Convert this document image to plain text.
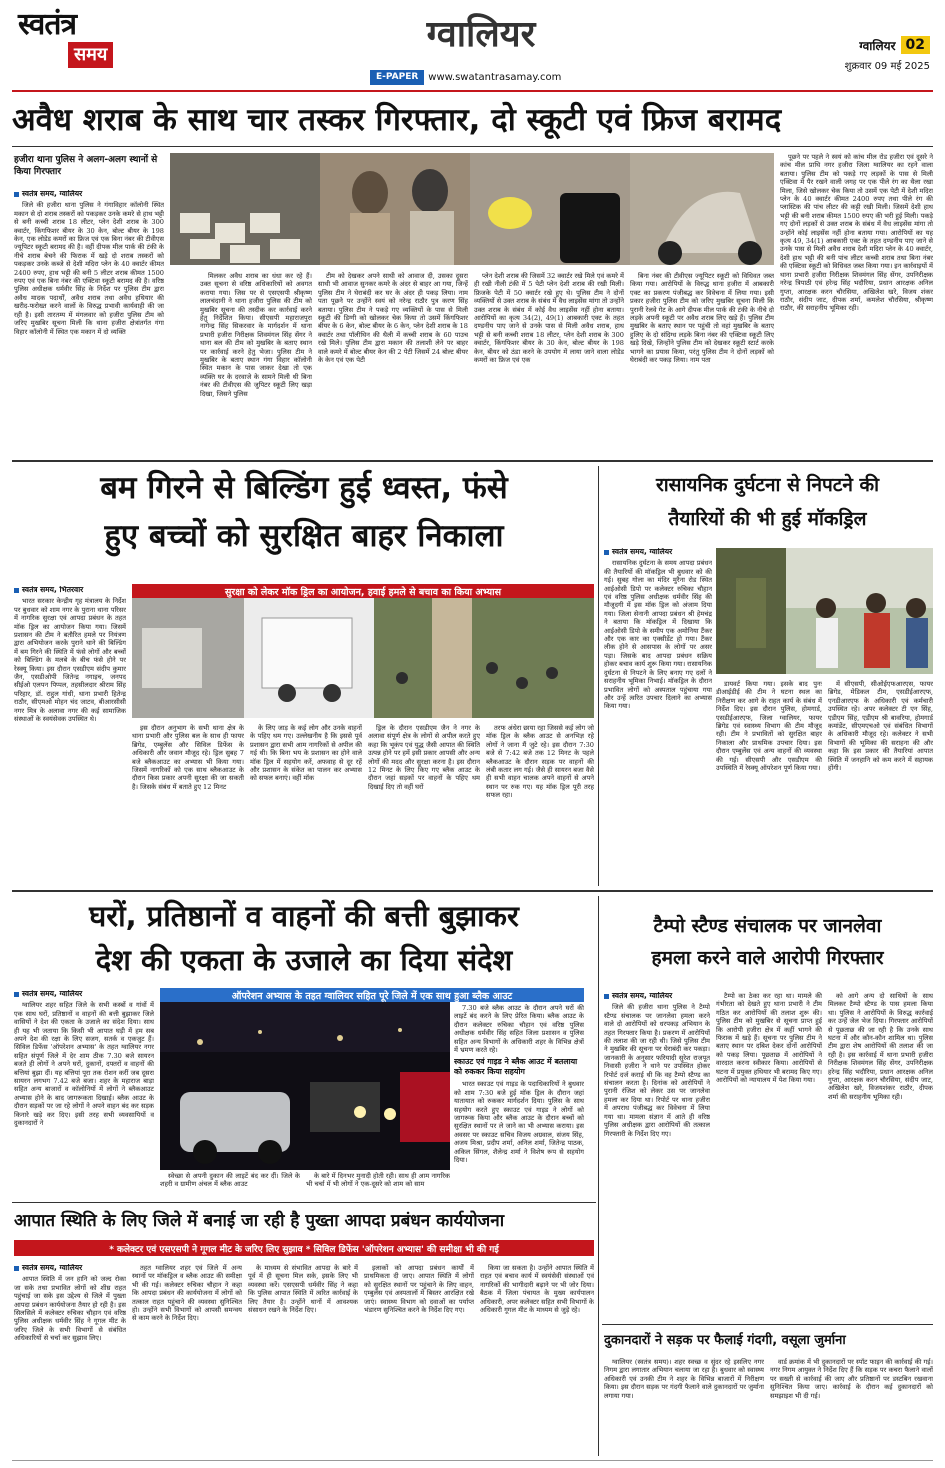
स्वतंत्र
समय	ग्वालियर
E-PAPER	www.swatantrasamay.com
ग्वालियर 02
शुक्रवार 09 मई 2025
अवैध शराब के साथ चार तस्कर गिरफ्तार, दो स्कूटी एवं फ्रिज बरामद
हजीरा थाना पुलिस ने अलग-अलग स्थानों से किया गिरफ्तार
स्वतंत्र समय, ग्वालियर

जिले की हजीरा थाना पुलिस ने गंगाविहार कॉलोनी स्थित मकान से दो शराब तस्करों को पकड़कर उनके कमरे से हाथ भट्टी से बनी कच्ची शराब 18 लीटर, प्लेन देशी शराब के 300 क्वार्टर, किंगफिशर बीयर के 30 केन, बोल्ट बीयर के 198 केन, एक लोडेड कमरों का फ्रिज एवं एक बिना नंबर की टीवीएस ज्यूपिटर स्कूटी बरामद की है। वहीं दीपक मील पार्क की टंकी के नीचे शराब बेचने की फिराक में खड़े दो शराब तस्करों को पकड़कर उनके कब्जे से देशी मदिरा प्लेन के 40 क्वार्टर कीमत 2400 रुपए, हाथ भट्टी की बनी 5 लीटर शराब कीमत 1500 रुपए एवं एक बिना नंबर की एक्टिवा स्कूटी बरामद की है। वरिष्ठ पुलिस अधीक्षक धर्मवीर सिंह के निर्देश पर पुलिस टीम द्वारा अवैध मादक पदार्थों, अवैध शराब तथा अवैध हथियार की खरीद-फरोख्त करने वालों के विरुद्ध प्रभावी कार्यवाही की जा रही है। इसी तारतम्य में मंगलवार को हजीरा पुलिस टीम को जरिए मुखबिर सूचना मिली कि थाना हजीरा क्षेत्रांतर्गत गंगा विहार कॉलोनी में स्थित एक मकान में दो व्यक्ति

मिलकर अवैध शराब का धंधा कर रहे हैं। उक्त सूचना से वरिष्ठ अधिकारियों को अवगत कराया गया। जिस पर से एसएसपी श्रीकृष्ण लालचंदानी ने थाना हजीरा पुलिस की टीम को मुखबिर सूचना की तस्दीक कर कार्रवाई करने हेतु निर्देशित किया। सीएसपी महाराजपुरा नागेन्द्र सिंह सिकरवार के मार्गदर्शन में थाना प्रभारी हजीरा निरीक्षक शिवमंगल सिंह सेंगर ने थाना बल की टीम को मुखबिर के बताए स्थान पर कार्रवाई करने हेतु भेजा। पुलिस टीम ने मुखबिर के बताए स्थान गंगा विहार कॉलोनी स्थित मकान के पास जाकर देखा तो एक व्यक्ति घर के दरवाजे के सामने मिली थी बिना नंबर की टीवीएस की जुपिटर स्कूटी लिए खड़ा दिखा, जिसने पुलिस

टीम को देखकर अपने साथी को आवाज दी, उसका दूसरा साथी भी आवाज सुनकर कमरे के अंदर से बाहर आ गया, जिन्हें पुलिस टीम ने घेराबंदी कर घर के अंदर ही पकड़ लिया। नाम पता पूछने पर उन्होंने स्वयं को नरेन्द्र राठौर पुत्र करण सिंह बताया। पुलिस टीम ने पकड़े गए व्यक्तियों के पास से मिली स्कूटी की डिग्गी को खोलकर चेक किया तो उसमें किंगफिशर बीयर के 6 केन, बोल्ट बीयर के 6 केन, प्लेन देशी शराब के 18 क्वार्टर तथा पॉलीथिन की थैली में कच्ची शराब के 60 पाउच रखे मिले। पुलिस टीम द्वारा मकान की तलाशी लेने पर बाहर वाले कमरे में बोल्ट बीयर केन की 2 पेटी जिसमें 24 बोल्ट बीयर के केन एवं एक पेटी

प्लेन देशी शराब की जिसमें 32 क्वार्टर रखे मिले एवं कमरे में ही रखी नीली टंकी में 5 पेटी प्लेन देशी शराब की रखी मिली। फ्रिजके पेटी में 50 क्वार्टर रखे हुए थे। पुलिस टीम ने दोनों व्यक्तियों से उक्त शराब के संबंध में वैध लाइसेंस मांगा तो उन्होंने उक्त शराब के संबंध में कोई वैध लाइसेंस नहीं होना बताया। आरोपियों का कृत्य 34(2), 49(1) आबकारी एक्ट के तहत दण्डनीय पाए जाने से उनके पास से मिली अवैध शराब, हाथ भट्टी से बनी कच्ची शराब 18 लीटर, प्लेन देशी शराब के 300 क्वार्टर, किंगफिशर बीयर के 30 केन, बोल्ट बीयर के 198 केन, बीयर को ठंडा करने के उपयोग में लाया जाने वाला लोडेड कमरों का फ्रिज एवं एक

बिना नंबर की टीवीएस ज्यूपिटर स्कूटी को विधिवत जब्त किया गया। आरोपियों के विरुद्ध थाना हजीरा में आबकारी एक्ट का प्रकरण पंजीबद्ध कर विवेचना में लिया गया। इसी प्रकार हजीरा पुलिस टीम को जरिए मुखबिर सूचना मिली कि पुरानी रेलवे गेट के आगे दीपक मील पार्क की टंकी के नीचे दो लड़के अपनी स्कूटी पर अवैध शराब लिए खड़े हैं। पुलिस टीम मुखबिर के बताए स्थान पर पहुंची तो वहां मुखबिर के बताए हुलिए के दो संदिग्ध लड़के बिना नंबर की एक्टिवा स्कूटी लिए खड़े दिखे, जिन्होंने पुलिस टीम को देखकर स्कूटी स्टार्ट करके भागने का प्रयास किया, परंतु पुलिस टीम ने दोनों लड़कों को घेराबंदी कर पकड़ लिया। नाम पता

पूछने पर पहले ने स्वयं को कांच मील रोड हजीरा एवं दूसरे ने कांच मील प्राथि नगर हजीरा जिला ग्वालियर का रहने वाला बताया। पुलिस टीम को पकड़े गए लड़कों के पास से मिली एक्टिवा में पैर रखने वाली जगह पर एक पीले रंग का थैला रखा मिला, जिसे खोलकर चेक किया तो उसमें एक पेटी में देशी मदिरा प्लेन के 40 क्वार्टर कीमत 2400 रुपए तथा पीले रंग की प्लास्टिक की पांच लीटर की कट्टी रखी मिली। जिसमें देशी हाथ भट्टी की बनी शराब कीमत 1500 रुपए की भरी हुई मिली। पकड़े गए दोनों लड़कों से उक्त शराब के संबंध में वैध लाइसेंस मांगा तो उन्होंने कोई लाइसेंस नहीं होना बताया गया। आरोपियों का यह कृत्य 49, 34(1) आबकारी एक्ट के तहत दण्डनीय पाए जाने से उनके पास से मिली अवैध शराब देशी मदिरा प्लेन के 40 क्वार्टर, देशी हाथ भट्टी की बनी पांच लीटर कच्ची शराब तथा बिना नंबर की एक्टिवा स्कूटी को विधिवत जब्त किया गया। इन कार्रवाइयों में थाना प्रभारी हजीरा निरीक्षक शिवमंगल सिंह सेंगर, उपनिरीक्षक नरेन्द्र त्रिपाठी एवं हरेन्द्र सिंह भदौरिया, प्रधान आरक्षक अनिल गुप्ता, आरक्षक करन चौरसिया, अखिलेश खरे, विजय शंकर राठौर, संदीप जाट, दीपक शर्मा, कमलेश चौरसिया, श्रीकृष्ण राठौर, की सराहनीय भूमिका रही।

बम गिरने से बिल्डिंग हुई ध्वस्त, फंसे
हुए बच्चों को सुरक्षित बाहर निकाला
स्वतंत्र समय, भितरवार

भारत सरकार केन्द्रीय गृह मंत्रालय के निर्देश पर बुधवार को शाम नगर के पुराना थाना परिसर में नागरिक सुरक्षा एवं आपदा प्रबंधन के तहत मॉक ड्रिल का आयोजन किया गया। जिसमें प्रशासन की टीम ने बतौरित हमले पर नियंत्रण द्वारा अभियोजन करके पुराने थाने की बिल्डिंग में बम गिरने की स्थिति में फंसे लोगों और बच्चों को बिल्डिंग के मलबे के बीच फंसे होने पर रेस्क्यू किया। इस दौरान एसडीएम संदीप कुमार जैन, एसडीओपी जितेन्द्र नगाइच, जनपद सीईओ एलपन पिप्पल, तहसीलदार श्रीराम सिंह परिहार, डॉ. राहुल गांधी, थाना प्रभारी हितेन्द्र राठौर, सीएमओ मोहन चंद जाटव, बीआरसीसी नगर मित्र के अलावा नगर की कई सामाजिक संस्थाओं के स्वयंसेवक उपस्थित थे।

सुरक्षा को लेकर मॉक ड्रिल का आयोजन, हवाई हमले से बचाव का किया अभ्यास

इस दौरान अनुभाग के सभी थाना क्षेत्र के थाना प्रभारी और पुलिस बल के साथ ही फायर ब्रिगेड, एम्बुलेंस और सिविल डिफेंस के अधिकारी और जवान मौजूद रहे। ड्रिल सुबह 7 बजे ब्लैकआउट का अभ्यास भी किया गया। जिसमें नागरिकों को एक साथ ब्लैकआउट के दौरान किस प्रकार अपनी सुरक्षा की जा सकती है। जिसके संबंध में बताते हुए 12 मिनट

के लिए जाड़ के कई लोग और उनके वाहनों के पहिए थम गए। उल्लेखनीय है कि इससे पूर्व प्रशासन द्वारा सभी आम नागरिकों से अपील की गई थी। कि बिना भय के प्रशासन का होने वाले मॉक ड्रिल में सहयोग करें, अफवाह से दूर रहें और प्रशासन के संकेत का पालन कर अभ्यास को सफल बनाएं। वहीं मॉक

ड्रिल के दौरान एसडीएम जैन ने नगर के अलावा संपूर्ण क्षेत्र के लोगों से अपील करते हुए कहा कि भूकंप एवं युद्ध जैसी आपात की स्थिति उत्पन्न होने पर हमें इसी प्रकार आपसी और अन्य लोगों की मदद और सुरक्षा करना है। इस दौरान 12 मिनट के लिए किए गए ब्लैक आउट के दौरान जहां सड़कों पर वाहनों के पहिए थम दिखाई दिए तो वहीं घरों

तरफ अंधेरा छाया रहा जिससे कई लोग जो मॉक ड्रिल के ब्लैक आउट से अनभिज्ञ रहे लोगों ने जाना मैं जुटे रहे। इस दौरान 7:30 बजे से 7:42 बजे तक 12 मिनट के पहले ब्लैकआउट के दौरान सड़क पर वाहनों की लंबी कतार लग गई। जैसे ही सायरन बजा वैसे ही सभी वाहन चालक अपने वाहनों से अपने स्थान पर रुक गए। यह मॉक ड्रिल पूरी तरह सफल रहा।

रासायनिक दुर्घटना से निपटने की
तैयारियों की भी हुई मॉकड्रिल
स्वतंत्र समय, ग्वालियर

रासायनिक दुर्घटना के समय आपदा प्रबंधन की तैयारियों की मॉकड्रिल भी बुधवार को की गई। सुबह गोला का मंदिर मुरैना रोड स्थित आईओसी डिपो पर कलेक्टर रुचिका चौहान एवं वरिष्ठ पुलिस अधीक्षक धर्मवीर सिंह की मौजूदगी में इस मॉक ड्रिल को अंजाम दिया गया। जिला सेनानी आपदा प्रबंधन श्री हेमचंद्र ने बताया कि मॉकड्रिल में दिखाया कि आईओसी डिपो के समीप एक अमोनिया टैंकर और एक कार का एक्सीडेंट हो गया। टैंकर लीक होने से आसपास के लोगों पर असर पड़ा। जिसके बाद आपदा प्रबंधन सक्रिय होकर बचाव कार्य शुरू किया गया। रासायनिक दुर्घटना से निपटने के लिए बनाए गए दलों ने सराहनीय भूमिका निभाई। मॉकड्रिल के दौरान प्रभावित लोगों को अस्पताल पहुंचाया गया और उन्हें त्वरित उपचार दिलाने का अभ्यास किया गया।

डायवर्ट किया गया। इसके बाद पुनः डीआईडीई की टीम ने घटना स्थल का निरीक्षण कर आगे के राहत कार्य के संबंध में निर्देश दिए। इस दौरान पुलिस, होमगार्ड, एसडीईआरएफ, जिला ग्वालियर, फायर ब्रिगेड एवं स्वास्थ्य विभाग की टीम मौजूद रही। टीम ने प्रभावितों को सुरक्षित बाहर निकाला और प्राथमिक उपचार दिया। इस दौरान एम्बुलेंस एवं अन्य वाहनों की व्यवस्था की गई। सीएसपी और एसडीएम की उपस्थिति में रेस्क्यू ऑपरेशन पूर्ण किया गया।

में सीएसपी, सीओईएफआरएस, फायर ब्रिगेड, मेडिकल टीम, एसडीईआरएफ, एनडीआरएफ के अधिकारी एवं कर्मचारी उपस्थित रहे। अपर कलेक्टर टी एन सिंह, एडीएम सिंह, एडीएम श्री बावरिया, होमगार्ड कमांडेंट, सीएमएचओ एवं संबंधित विभागों के अधिकारी मौजूद रहे। कलेक्टर ने सभी विभागों की भूमिका की सराहना की और कहा कि इस प्रकार की तैयारियां आपात स्थिति में जनहानि को कम करने में सहायक होंगी।

घरों, प्रतिष्ठानों व वाहनों की बत्ती बुझाकर
देश की एकता के उजाले का दिया संदेश
स्वतंत्र समय, ग्वालियर

ग्वालियर शहर सहित जिले के सभी कस्बों व गांवों में एक साथ घरों, प्रतिष्ठानों व वाहनों की बत्ती बुझाकर जिले वासियों ने देश की एकता के उजाले का संदेश दिया। साथ ही यह भी जताया कि किसी भी आपात घड़ी में हम सब अपने देश की रक्षा के लिए सजग, सतर्क व एकजुट हैं। सिविल डिफेंस 'ऑपरेशन अभ्यास' के तहत ग्वालियर नगर सहित संपूर्ण जिले में देर शाम ठीक 7.30 बजे सायरन बजते ही लोगों ने अपने घरों, दुकानों, दफ्तरों व वाहनों की बत्तियां बुझा दीं। यह बत्तियां पूरा तक रोशन करीं जब दूसरा सायरन लगभग 7.42 बजे बजा। शहर के महाराज बाड़ा सहित अन्य बाजारों व कॉलोनियों में लोगों ने ब्लैकआउट अभ्यास होने के बाद जागरूकता दिखाई। ब्लैक आउट के दौरान सड़कों पर जा रहे लोगों ने अपने वाहन बंद कर सड़क किनारे खड़े कर दिए। इसी तरह सभी व्यवसायियों व दुकानदारों ने

ऑपरेशन अभ्यास के तहत ग्वालियर सहित पूरे जिले में एक साथ हुआ ब्लैक आउट

7.30 बजे ब्लैक आउट के दौरान अपने घरों की लाइटें बंद करने के लिए प्रेरित किया। ब्लैक आउट के दौरान कलेक्टर रुचिका चौहान एवं वरिष्ठ पुलिस अधीक्षक धर्मवीर सिंह सहित जिला प्रशासन व पुलिस सहित अन्य विभागों के अधिकारी शहर के विभिन्न क्षेत्रों में भ्रमण करते रहे।

स्काउट एवं गाइड ने ब्लैक आउट में बतलाया को रुककर किया सहयोग

भारत स्काउट एवं गाइड के पदाधिकारियों ने बुधवार को शाम 7:30 बजे हुई मॉक ड्रिल के दौरान जहां यातायात को रुककर मार्गदर्शन दिया। पुलिस के साथ सहयोग करते हुए स्काउट एवं गाइड ने लोगों को जागरूक किया और ब्लैक आउट के दौरान बच्चों को सुरक्षित स्थानों पर ले जाने का भी अभ्यास कराया। इस अवसर पर स्काउट सचिव विजय अग्रवाल, संजय सिंह, अजय मिश्रा, प्रदीप शर्मा, अनिल शर्मा, जितेन्द्र पाठक, अकिल सिंगल, शैलेन्द्र शर्मा ने विशेष रूप से सहयोग दिया।

स्वेच्छा से अपनी दुकान की लाइटें बंद कर दीं। जिले के शहरी व ग्रामीण अंचल में ब्लैक आउट

के बारे में दिनभर मुनादी होती रही। साथ ही आम नागरिक भी चर्चा में भी लोगों ने एक-दूसरे को शाम को साम

टैम्पो स्टैण्ड संचालक पर जानलेवा
हमला करने वाले आरोपी गिरफ्तार
स्वतंत्र समय, ग्वालियर

जिले की हजीरा थाना पुलिस ने टैम्पो स्टैण्ड संचालक पर जानलेवा हमला करने वाले दो आरोपियों को धरपकड़ अभियान के तहत गिरफ्तार किया है। प्रकरण में आरोपियों की तलाश की जा रही थी। जिसे पुलिस टीम ने मुखबिर की सूचना पर घेराबंदी कर पकड़ा। जानकारी के अनुसार फरियादी सुरेश राजपूत निवासी हजीरा ने थाने पर उपस्थित होकर रिपोर्ट दर्ज कराई थी कि वह टैम्पो स्टैण्ड का संचालन करता है। दिनांक को आरोपियों ने पुरानी रंजिश को लेकर उस पर जानलेवा हमला कर दिया था। रिपोर्ट पर थाना हजीरा में अपराध पंजीबद्ध कर विवेचना में लिया गया था। मामला संज्ञान में आते ही वरिष्ठ पुलिस अधीक्षक द्वारा आरोपियों की तत्काल गिरफ्तारी के निर्देश दिए गए।

टैम्पो का ठेका कर रहा था। मामले की गंभीरता को देखते हुए थाना प्रभारी ने टीम गठित कर आरोपियों की तलाश शुरू की। पुलिस टीम को मुखबिर से सूचना प्राप्त हुई कि आरोपी हजीरा क्षेत्र में कहीं भागने की फिराक में खड़े हैं। सूचना पर पुलिस टीम ने बताए स्थान पर दबिश देकर दोनों आरोपियों को पकड़ लिया। पूछताछ में आरोपियों ने वारदात करना स्वीकार किया। आरोपियों से घटना में प्रयुक्त हथियार भी बरामद किए गए। आरोपियों को न्यायालय में पेश किया गया।

को आगे अन्य दो साथियों के साथ मिलकर टैम्पो स्टैण्ड के पास हमला किया था। पुलिस ने आरोपियों के विरुद्ध कार्रवाई कर उन्हें जेल भेज दिया। गिरफ्तार आरोपियों से पूछताछ की जा रही है कि उनके साथ घटना में और कौन-कौन शामिल था। पुलिस टीम द्वारा शेष आरोपियों की तलाश की जा रही है। इस कार्रवाई में थाना प्रभारी हजीरा निरीक्षक शिवमंगल सिंह सेंगर, उपनिरीक्षक हरेन्द्र सिंह भदौरिया, प्रधान आरक्षक अनिल गुप्ता, आरक्षक करन चौरसिया, संदीप जाट, अखिलेश खरे, विजयशंकर राठौर, दीपक शर्मा की सराहनीय भूमिका रही।

आपात स्थिति के लिए जिले में बनाई जा रही है पुख्ता आपदा प्रबंधन कार्ययोजना
* कलेक्टर एवं एसएसपी ने गूगल मीट के जरिए लिए सुझाव * सिविल डिफेंस 'ऑपरेशन अभ्यास' की समीक्षा भी की गई
स्वतंत्र समय, ग्वालियर

आपात स्थिति में जन हानि को जल्द रोका जा सके तथा प्रभावित लोगों को शीघ्र राहत पहुंचाई जा सके इस उद्देश्य से जिले में पुख्ता आपदा प्रबंधन कार्ययोजना तैयार हो रही है। इस सिलसिले में कलेक्टर रुचिका चौहान एवं वरिष्ठ पुलिस अधीक्षक धर्मवीर सिंह ने गूगल मीट के जरिए जिले के सभी विभागों से संबंधित अधिकारियों से चर्चा कर सुझाव लिए।

तहत ग्वालियर शहर एवं जिले में अन्य स्थानों पर मॉकड्रिल व ब्लैक आउट की समीक्षा भी की गई। कलेक्टर रुचिका चौहान ने कहा कि आपदा प्रबंधन की कार्ययोजना में लोगों को तत्काल राहत पहुंचाने की व्यवस्था सुनिश्चित हो। उन्होंने सभी विभागों को आपसी समन्वय से काम करने के निर्देश दिए।

के माध्यम से संभावित आपदा के बारे में पूर्व में ही सूचना मिल सके, इसके लिए भी व्यवस्था करें। एसएसपी धर्मवीर सिंह ने कहा कि पुलिस आपात स्थिति में त्वरित कार्रवाई के लिए तैयार है। उन्होंने थानों में आवश्यक संसाधन रखने के निर्देश दिए।

इलाकों को आपदा प्रबंधन कार्यों में प्राथमिकता दी जाए। आपात स्थिति में लोगों को सुरक्षित स्थानों पर पहुंचाने के लिए वाहन, एम्बुलेंस एवं अस्पतालों में बिस्तर आरक्षित रखे जाएं। स्वास्थ्य विभाग को दवाओं का पर्याप्त भंडारण सुनिश्चित करने के निर्देश दिए गए।

किया जा सकता है। उन्होंने आपात स्थिति में राहत एवं बचाव कार्य में स्वयंसेवी संस्थाओं एवं नागरिकों की भागीदारी बढ़ाने पर भी जोर दिया। बैठक में जिला पंचायत के मुख्य कार्यपालन अधिकारी, अपर कलेक्टर सहित सभी विभागों के अधिकारी गूगल मीट के माध्यम से जुड़े रहे।

दुकानदारों ने सड़क पर फैलाई गंदगी, वसूला जुर्माना

ग्वालियर (स्वतंत्र समय)। शहर स्वच्छ व सुंदर रहे इसलिए नगर निगम द्वारा लगातार अभियान चलाया जा रहा है। बुधवार को स्वास्थ्य अधिकारी एवं उनकी टीम ने शहर के विभिन्न बाजारों में निरीक्षण किया। इस दौरान सड़क पर गंदगी फैलाने वाले दुकानदारों पर जुर्माना लगाया गया।

वार्ड क्रमांक में भी दुकानदारों पर स्पॉट फाइन की कार्रवाई की गई। नगर निगम आयुक्त ने निर्देश दिए हैं कि सड़क पर कचरा फैलाने वालों पर सख्ती से कार्रवाई की जाए और प्रतिष्ठानों पर डस्टबिन रखवाना सुनिश्चित किया जाए। कार्रवाई के दौरान कई दुकानदारों को समझाइश भी दी गई।
